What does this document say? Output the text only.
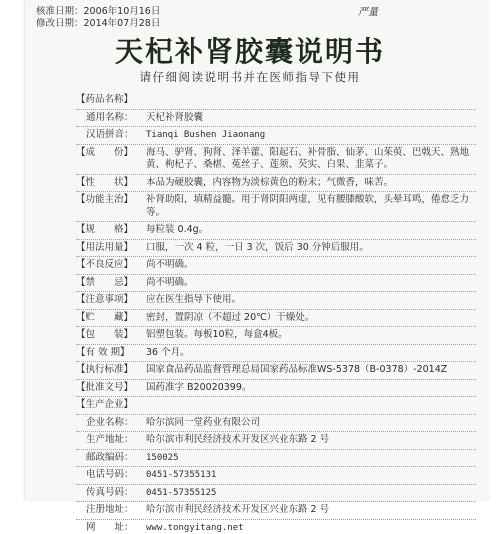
核准日期：2006年10月16日
修改日期：2014年07月28日
严量
天杞补肾胶囊说明书
请仔细阅读说明书并在医师指导下使用
【药品名称】

通用名称： 天杞补肾胶囊
汉语拼音： Tianqi Bushen Jiaonang
【成　　份】 海马、驴肾、狗肾、泽羊藿、阳起石、补骨脂、仙茅、山茱萸、巴戟天、熟地黄、枸杞子、桑椹、菟丝子、莲须、芡实、白果、韭菜子。
【性　　状】 本品为硬胶囊，内容物为淡棕黄色的粉末；气微香，味苦。
【功能主治】 补肾助阳，填精益髓。用于肾阴阳两虚，见有腰膝酸软，头晕耳鸣，倦怠乏力等。
【规　　格】 每粒装 0.4g。
【用法用量】 口服，一次 4 粒，一日 3 次，饭后 30 分钟后服用。
【不良反应】 尚不明确。
【禁　　忌】 尚不明确。
【注意事项】 应在医生指导下使用。
【贮　　藏】 密封，置阴凉（不超过 20℃）干燥处。
【包　　装】 铝塑包装。每板10粒，每盒4板。
【有 效 期】 36 个月。
【执行标准】 国家食品药品监督管理总局国家药品标准WS-5378（B-0378）-2014Z
【批准文号】 国药准字 B20020399。
【生产企业】

企业名称： 哈尔滨同一堂药业有限公司
生产地址： 哈尔滨市利民经济技术开发区兴业东路 2 号
邮政编码： 150025
电话号码： 0451-57355131
传真号码： 0451-57355125
注册地址： 哈尔滨市利民经济技术开发区兴业东路 2 号
网　　址： www.tongyitang.net
